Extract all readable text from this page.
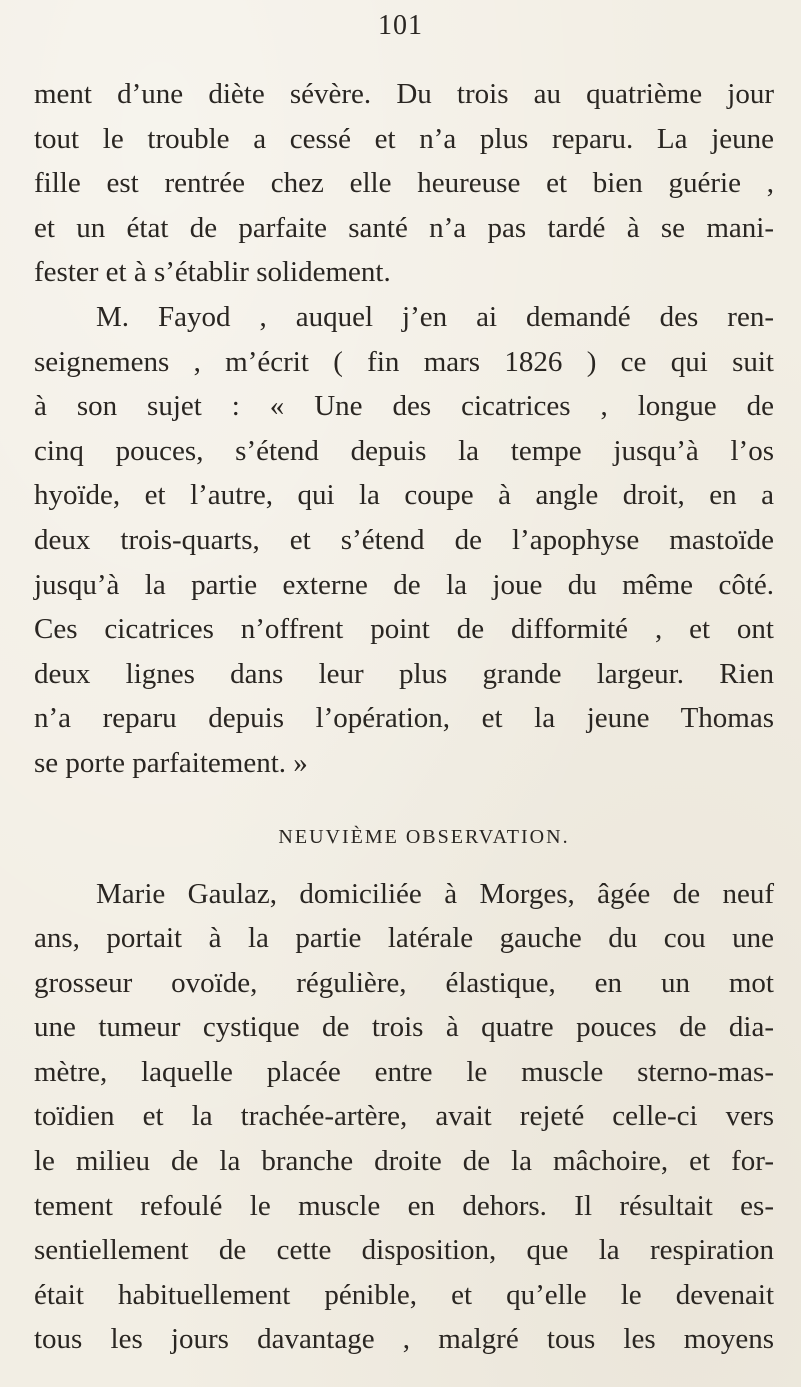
101
ment d’une diète sévère. Du trois au quatrième jour
tout le trouble a cessé et n’a plus reparu. La jeune
fille est rentrée chez elle heureuse et bien guérie ,
et un état de parfaite santé n’a pas tardé à se mani-
fester et à s’établir solidement.
M. Fayod , auquel j’en ai demandé des ren-
seignemens , m’écrit ( fin mars 1826 ) ce qui suit
à son sujet : « Une des cicatrices , longue de
cinq pouces, s’étend depuis la tempe jusqu’à l’os
hyoïde, et l’autre, qui la coupe à angle droit, en a
deux trois-quarts, et s’étend de l’apophyse mastoïde
jusqu’à la partie externe de la joue du même côté.
Ces cicatrices n’offrent point de difformité , et ont
deux lignes dans leur plus grande largeur. Rien
n’a reparu depuis l’opération, et la jeune Thomas
se porte parfaitement. »
NEUVIÈME OBSERVATION.
Marie Gaulaz, domiciliée à Morges, âgée de neuf
ans, portait à la partie latérale gauche du cou une
grosseur ovoïde, régulière, élastique, en un mot
une tumeur cystique de trois à quatre pouces de dia-
mètre, laquelle placée entre le muscle sterno-mas-
toïdien et la trachée-artère, avait rejeté celle-ci vers
le milieu de la branche droite de la mâchoire, et for-
tement refoulé le muscle en dehors. Il résultait es-
sentiellement de cette disposition, que la respiration
était habituellement pénible, et qu’elle le devenait
tous les jours davantage , malgré tous les moyens
